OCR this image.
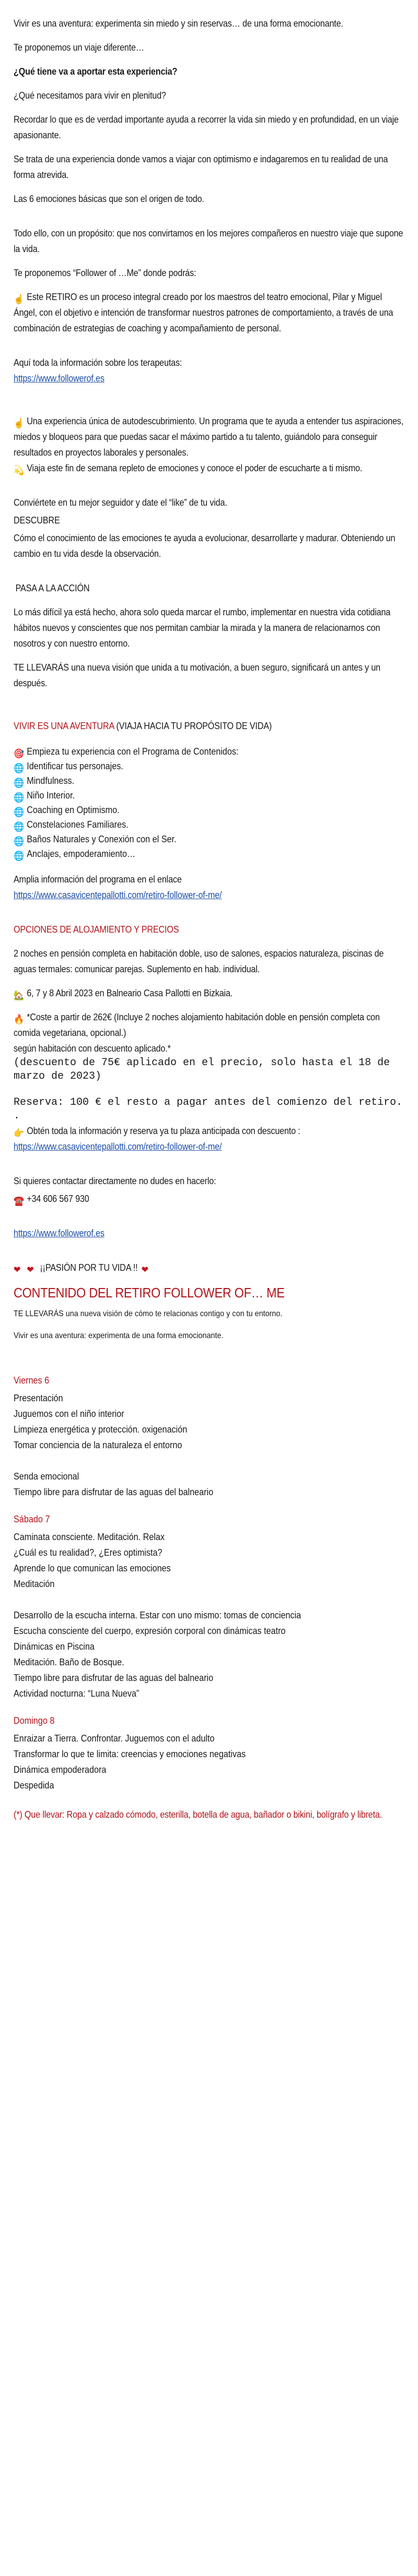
Vivir es una aventura: experimenta sin miedo y sin reservas… de una forma emocionante.

Te proponemos un viaje diferente…

¿Qué tiene va a aportar esta experiencia?

¿Qué necesitamos para vivir en plenitud?

Recordar lo que es de verdad importante ayuda a recorrer la vida sin miedo y en profundidad, en un viaje apasionante.

Se trata de una experiencia donde vamos a viajar con optimismo e indagaremos en tu realidad de una forma atrevida.

Las 6 emociones básicas que son el origen de todo.

Todo ello, con un propósito: que nos convirtamos en los mejores compañeros en nuestro viaje que supone la vida.

Te proponemos “Follower of …Me” donde podrás:

☝️ Este RETIRO es un proceso integral creado por los maestros del teatro emocional, Pilar y Miguel Ángel, con el objetivo e intención de transformar nuestros patrones de comportamiento, a través de una combinación de estrategias de coaching y acompañamiento de personal.

Aquí toda la información sobre los terapeutas:

https://www.followerof.es

☝️ Una experiencia única de autodescubrimiento. Un programa que te ayuda a entender tus aspiraciones, miedos y bloqueos para que puedas sacar el máximo partido a tu talento, guiándolo para conseguir resultados en proyectos laborales y personales.

💫 Viaja este fin de semana repleto de emociones y conoce el poder de escucharte a ti mismo.

Conviértete en tu mejor seguidor y date el “like” de tu vida.

DESCUBRE

Cómo el conocimiento de las emociones te ayuda a evolucionar, desarrollarte y madurar. Obteniendo un cambio en tu vida desde la observación.

PASA A LA ACCIÓN

Lo más difícil ya está hecho, ahora solo queda marcar el rumbo, implementar en nuestra vida cotidiana hábitos nuevos y conscientes que nos permitan cambiar la mirada y la manera de relacionarnos con nosotros y con nuestro entorno.

TE LLEVARÁS una nueva visión que unida a tu motivación, a buen seguro, significará un antes y un después.

VIVIR ES UNA AVENTURA (VIAJA HACIA TU PROPÓSITO DE VIDA)

🎯 Empieza tu experiencia con el Programa de Contenidos:

🌐 Identificar tus personajes.

🌐 Mindfulness.

🌐 Niño Interior.

🌐 Coaching en Optimismo.

🌐 Constelaciones Familiares.

🌐 Baños Naturales y Conexión con el Ser.

🌐 Anclajes, empoderamiento…

Amplia información del programa en el enlace

https://www.casavicentepallotti.com/retiro-follower-of-me/

OPCIONES DE ALOJAMIENTO Y PRECIOS

2 noches en pensión completa en habitación doble, uso de salones, espacios naturaleza, piscinas de aguas termales: comunicar parejas. Suplemento en hab. individual.

🏡 6, 7 y 8 Abril 2023 en Balneario Casa Pallotti en Bizkaia.

🔥 *Coste a partir de 262€ (Incluye 2 noches alojamiento habitación doble en pensión completa con comida vegetariana, opcional.)

según habitación con descuento aplicado.*

(descuento de 75€ aplicado en el precio, solo hasta el 18 de marzo de 2023)

Reserva: 100 € el resto a pagar antes del comienzo del retiro.

.

👉 Obtén toda la información y reserva ya tu plaza anticipada con descuento :

https://www.casavicentepallotti.com/retiro-follower-of-me/

Si quieres contactar directamente no dudes en hacerlo:

☎️ +34 606 567 930

https://www.followerof.es

❤ ❤ ¡¡PASIÓN POR TU VIDA !! ❤

CONTENIDO DEL RETIRO FOLLOWER OF… ME

TE LLEVARÁS una nueva visión de cómo te relacionas contigo y con tu entorno.

Vivir es una aventura: experimenta de una forma emocionante.

Viernes 6

Presentación

Juguemos con el niño interior

Limpieza energética y protección. oxigenación

Tomar conciencia de la naturaleza el entorno

Senda emocional

Tiempo libre para disfrutar de las aguas del balneario

Sábado 7

Caminata consciente. Meditación. Relax

¿Cuál es tu realidad?, ¿Eres optimista?

Aprende lo que comunican las emociones

Meditación

Desarrollo de la escucha interna. Estar con uno mismo: tomas de conciencia

Escucha consciente del cuerpo, expresión corporal con dinámicas teatro

Dinámicas en Piscina

Meditación. Baño de Bosque.

Tiempo libre para disfrutar de las aguas del balneario

Actividad nocturna: “Luna Nueva”

Domingo 8

Enraizar a Tierra. Confrontar. Juguemos con el adulto

Transformar lo que te limita: creencias y emociones negativas

Dinámica empoderadora

Despedida

(*) Que llevar: Ropa y calzado cómodo, esterilla, botella de agua, bañador o bikini, bolígrafo y libreta.
